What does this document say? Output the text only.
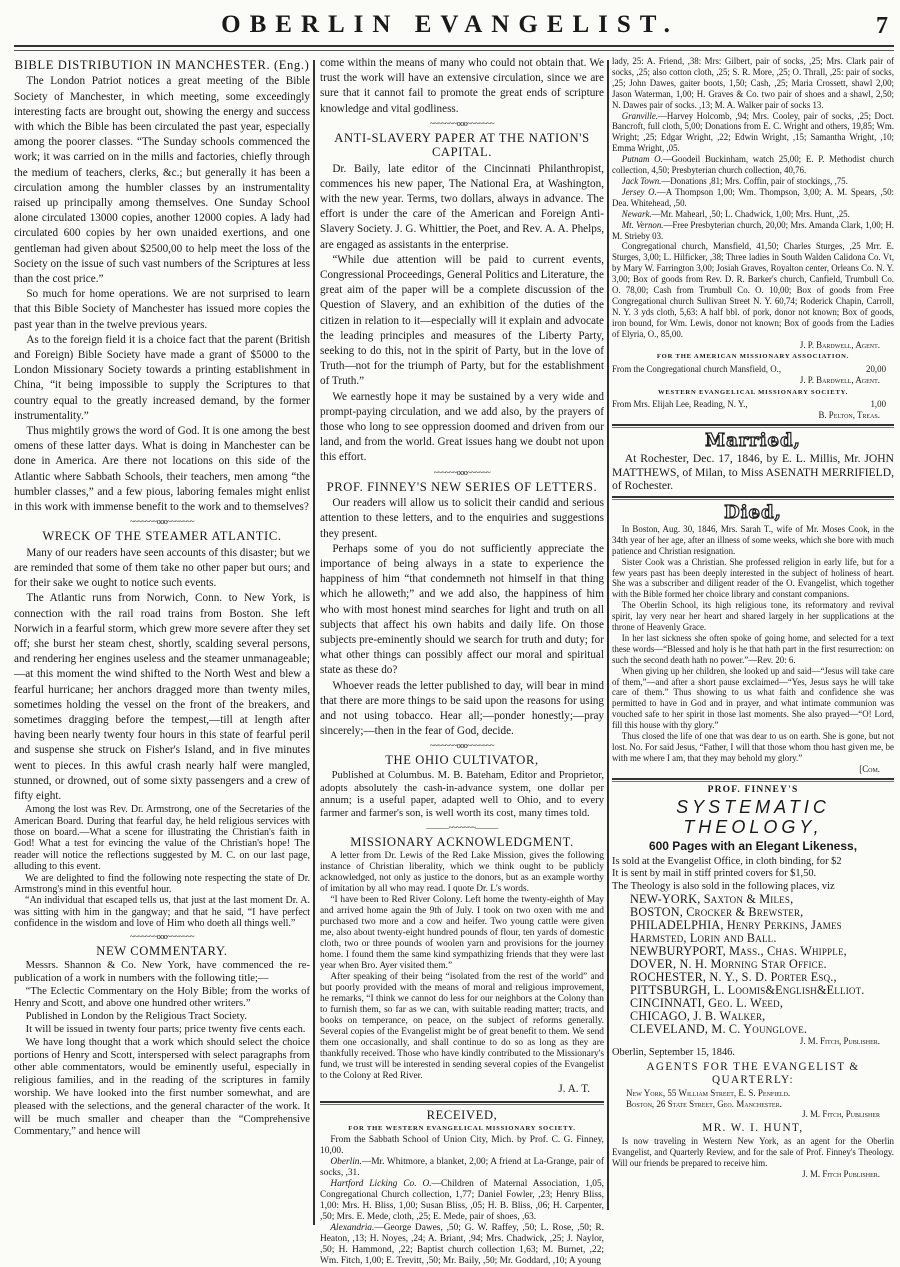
OBERLIN EVANGELIST.	7
BIBLE DISTRIBUTION IN MANCHESTER. (Eng.)
The London Patriot notices a great meeting of the Bible Society of Manchester, in which meeting, some exceedingly interesting facts are brought out, showing the energy and success with which the Bible has been circulated the past year, especially among the poorer classes. “The Sunday schools commenced the work; it was carried on in the mills and factories, chiefly through the medium of teachers, clerks, &c.; but generally it has been a circulation among the humbler classes by an instrumentality raised up principally among themselves. One Sunday School alone circulated 13000 copies, another 12000 copies. A lady had circulated 600 copies by her own unaided exertions, and one gentleman had given about $2500,00 to help meet the loss of the Society on the issue of such vast numbers of the Scriptures at less than the cost price.”
So much for home operations. We are not surprised to learn that this Bible Society of Manchester has issued more copies the past year than in the twelve previous years.
As to the foreign field it is a choice fact that the parent (British and Foreign) Bible Society have made a grant of $5000 to the London Missionary Society towards a printing establishment in China, “it being impossible to supply the Scriptures to that country equal to the greatly increased demand, by the former instrumentality.”
Thus mightily grows the word of God. It is one among the best omens of these latter days. What is doing in Manchester can be done in America. Are there not locations on this side of the Atlantic where Sabbath Schools, their teachers, men among “the humbler classes,” and a few pious, laboring females might enlist in this work with immense benefit to the work and to themselves?
~~~~~~~ooo~~~~~~~
WRECK OF THE STEAMER ATLANTIC.
Many of our readers have seen accounts of this disaster; but we are reminded that some of them take no other paper but ours; and for their sake we ought to notice such events.
The Atlantic runs from Norwich, Conn. to New York, is connection with the rail road trains from Boston. She left Norwich in a fearful storm, which grew more severe after they set off; she burst her steam chest, shortly, scalding several persons, and rendering her engines useless and the steamer unmanageable;—at this moment the wind shifted to the North West and blew a fearful hurricane; her anchors dragged more than twenty miles, sometimes holding the vessel on the front of the breakers, and sometimes dragging before the tempest,—till at length after having been nearly twenty four hours in this state of fearful peril and suspense she struck on Fisher's Island, and in five minutes went to pieces. In this awful crash nearly half were mangled, stunned, or drowned, out of some sixty passengers and a crew of fifty eight.
Among the lost was Rev. Dr. Armstrong, one of the Secretaries of the American Board. During that fearful day, he held religious services with those on board.—What a scene for illustrating the Christian's faith in God! What a test for evincing the value of the Christian's hope! The reader will notice the reflections suggested by M. C. on our last page, alluding to this event.
We are delighted to find the following note respecting the state of Dr. Armstrong's mind in this eventful hour.
“An individual that escaped tells us, that just at the last moment Dr. A. was sitting with him in the gangway; and that he said, “I have perfect confidence in the wisdom and love of Him who doeth all things well.”
~~~~~~~ooo~~~~~~~
NEW COMMENTARY.
Messrs. Shannon & Co. New York, have commenced the re-publication of a work in numbers with the following title;—
“The Eclectic Commentary on the Holy Bible; from the works of Henry and Scott, and above one hundred other writers.”
Published in London by the Religious Tract Society.
It will be issued in twenty four parts; price twenty five cents each.
We have long thought that a work which should select the choice portions of Henry and Scott, interspersed with select paragraphs from other able commentators, would be eminently useful, especially in religious families, and in the reading of the scriptures in family worship. We have looked into the first number somewhat, and are pleased with the selections, and the general character of the work. It will be much smaller and cheaper than the “Comprehensive Commentary,” and hence will
come within the means of many who could not obtain that. We trust the work will have an extensive circulation, since we are sure that it cannot fail to promote the great ends of scripture knowledge and vital godliness.
~~~~~~~ooo~~~~~~~
ANTI-SLAVERY PAPER AT THE NATION'S CAPITAL.
Dr. Baily, late editor of the Cincinnati Philanthropist, commences his new paper, The National Era, at Washington, with the new year. Terms, two dollars, always in advance. The effort is under the care of the American and Foreign Anti-Slavery Society. J. G. Whittier, the Poet, and Rev. A. A. Phelps, are engaged as assistants in the enterprise.
“While due attention will be paid to current events, Congressional Proceedings, General Politics and Literature, the great aim of the paper will be a complete discussion of the Question of Slavery, and an exhibition of the duties of the citizen in relation to it—especially will it explain and advocate the leading principles and measures of the Liberty Party, seeking to do this, not in the spirit of Party, but in the love of Truth—not for the triumph of Party, but for the establishment of Truth.”
We earnestly hope it may be sustained by a very wide and prompt-paying circulation, and we add also, by the prayers of those who long to see oppression doomed and driven from our land, and from the world. Great issues hang we doubt not upon this effort.
~~~~~~ooo~~~~~~
PROF. FINNEY'S NEW SERIES OF LETTERS.
Our readers will allow us to solicit their candid and serious attention to these letters, and to the enquiries and suggestions they present.
Perhaps some of you do not sufficiently appreciate the importance of being always in a state to experience the happiness of him “that condemneth not himself in that thing which he alloweth;” and we add also, the happiness of him who with most honest mind searches for light and truth on all subjects that affect his own habits and daily life. On those subjects pre-eminently should we search for truth and duty; for what other things can possibly affect our moral and spiritual state as these do?
Whoever reads the letter published to day, will bear in mind that there are more things to be said upon the reasons for using and not using tobacco. Hear all;—ponder honestly;—pray sincerely;—then in the fear of God, decide.
~~~~~~~ooo~~~~~~~
THE OHIO CULTIVATOR,
Published at Columbus. M. B. Bateham, Editor and Proprietor, adopts absolutely the cash-in-advance system, one dollar per annum; is a useful paper, adapted well to Ohio, and to every farmer and farmer's son, is well worth its cost, many times told.
———~~~~~~~———
MISSIONARY ACKNOWLEDGMENT.
A letter from Dr. Lewis of the Red Lake Mission, gives the following instance of Christian liberality, which we think ought to be publicly acknowledged, not only as justice to the donors, but as an example worthy of imitation by all who may read. I quote Dr. L's words.
“I have been to Red River Colony. Left home the twenty-eighth of May and arrived home again the 9th of July. I took on two oxen with me and purchased two more and a cow and heifer. Two young cattle were given me, also about twenty-eight hundred pounds of flour, ten yards of domestic cloth, two or three pounds of woolen yarn and provisions for the journey home. I found them the same kind sympathizing friends that they were last year when Bro. Ayer visited them.”
After speaking of their being “isolated from the rest of the world” and but poorly provided with the means of moral and religious improvement, he remarks, “I think we cannot do less for our neighbors at the Colony than to furnish them, so far as we can, with suitable reading matter; tracts, and books on temperance, on peace, on the subject of reforms generally. Several copies of the Evangelist might be of great benefit to them. We send them one occasionally, and shall continue to do so as long as they are thankfully received. Those who have kindly contributed to the Missionary's fund, we trust will be interested in sending several copies of the Evangelist to the Colony at Red River.
J. A. T.
RECEIVED,
FOR THE WESTERN EVANGELICAL MISSIONARY SOCIETY.
From the Sabbath School of Union City, Mich. by Prof. C. G. Finney, 10,00.
Oberlin.—Mr. Whitmore, a blanket, 2,00; A friend at La-Grange, pair of socks, ,31.
Hartford Licking Co. O.—Children of Maternal Association, 1,05, Congregational Church collection, 1,77; Daniel Fowler, ,23; Henry Bliss, 1,00: Mrs. H. Bliss, 1,00; Susan Bliss, ,05; H. B. Bliss, ,06; H. Carpenter, ,50; Mrs. E. Mede, cloth, ,25; E. Mede, pair of shoes, ,63.
Alexandria.—George Dawes, ,50; G. W. Raffey, ,50; L. Rose, ,50; R. Heaton, ,13; H. Noyes, ,24; A. Briant, ,94; Mrs. Chadwick, ,25; J. Naylor, ,50; H. Hammond, ,22; Baptist church collection 1,63; M. Burnet, ,22; Wm. Fitch, 1,00; E. Trevitt, ,50; Mr. Baily, ,50; Mr. Goddard, ,10; A young
lady, 25: A. Friend, ,38: Mrs: Gilbert, pair of socks, ,25; Mrs. Clark pair of socks, ,25; also cotton cloth, ,25; S. R. More, ,25; O. Thrall, ,25: pair of socks, ,25; John Dawes, gaiter boots, 1,50; Cash, ,25; Maria Crossett, shawl 2,00; Jason Waterman, 1,00; H. Graves & Co. two pair of shoes and a shawl, 2,50; N. Dawes pair of socks. ,13; M. A. Walker pair of socks 13.
Granville.—Harvey Holcomb, ,94; Mrs. Cooley, pair of socks, ,25; Doct. Bancroft, full cloth, 5,00; Donations from E. C. Wright and others, 19,85; Wm. Wright; ,25; Edgar Wright, ,22; Edwin Wright, ,15; Samantha Wright, ,10; Emma Wright, ,05.
Putnam O.—Goodeil Buckinham, watch 25,00; E. P. Methodist church collection, 4,50; Presbyterian church collection, 40,76.
Jack Town.—Donations ,81; Mrs. Coffin, pair of stockings, ,75.
Jersey O.—A Thompson 1,00; Wm. Thompson, 3,00; A. M. Spears, ,50: Dea. Whitehead, ,50.
Newark.—Mr. Mahearl, ,50; L. Chadwick, 1,00; Mrs. Hunt, ,25.
Mt. Vernon.—Free Presbyterian church, 20,00; Mrs. Amanda Clark, 1,00; H. M. Strieby 03.
Congregational church, Mansfield, 41,50; Charles Sturges, ,25 Mrr. E. Sturges, 3,00; L. Hilficker, ,38; Three ladies in South Walden Calidona Co. Vt, by Mary W. Farrington 3,00; Josiah Graves, Royalton center, Orleans Co. N. Y. 3,00; Box of goods from Rev. D. R. Barker's church, Canfield, Trumbull Co. O. 78,00; Cash from Trumbull Co. O. 10,00; Box of goods from Free Congregational church Sullivan Street N. Y. 60,74; Roderick Chapin, Carroll, N. Y. 3 yds cloth, 5,63: A half bbl. of pork, donor not known; Box of goods, iron bound, for Wm. Lewis, donor not known; Box of goods from the Ladies of Elyria, O., 85,00.
J. P. Bardwell, Agent.
FOR THE AMERICAN MISSIONARY ASSOCIATION.
From the Congregational church Mansfield, O.,	20,00
J. P. Bardwell, Agent.
WESTERN EVANGELICAL MISSIONARY SOCIETY.
From Mrs. Elijah Lee, Reading, N. Y.,	1,00
B. Pelton, Treas.
Married,
At Rochester, Dec. 17, 1846, by E. L. Millis, Mr. JOHN MATTHEWS, of Milan, to Miss ASENATH MERRIFIELD, of Rochester.
Died,
In Boston, Aug. 30, 1846, Mrs. Sarah T., wife of Mr. Moses Cook, in the 34th year of her age, after an illness of some weeks, which she bore with much patience and Christian resignation.
Sister Cook was a Christian. She professed religion in early life, but for a few years past has been deeply interested in the subject of holiness of heart. She was a subscriber and diligent reader of the O. Evangelist, which together with the Bible formed her choice library and constant companions.
The Oberlin School, its high religious tone, its reformatory and revival spirit, lay very near her heart and shared largely in her supplications at the throne of Heavenly Grace.
In her last sickness she often spoke of going home, and selected for a text these words—“Blessed and holy is he that hath part in the first resurrection: on such the second death hath no power.”—Rev. 20: 6.
When giving up her children, she looked up and said—“Jesus will take care of them,”—and after a short pause exclaimed—“Yes, Jesus says he will take care of them.” Thus showing to us what faith and confidence she was permitted to have in God and in prayer, and what intimate communion was vouched safe to her spirit in those last moments. She also prayed—“O! Lord, fill this house with thy glory.”
Thus closed the life of one that was dear to us on earth. She is gone, but not lost. No. For said Jesus, “Father, I will that those whom thou hast given me, be with me where I am, that they may behold my glory.”
[Com.
PROF. FINNEY'S
SYSTEMATIC THEOLOGY,
600 Pages with an Elegant Likeness,
Is sold at the Evangelist Office, in cloth binding, for $2
It is sent by mail in stiff printed covers for $1,50.
The Theology is also sold in the following places, viz
NEW-YORK, Saxton & Miles,
BOSTON, Crocker & Brewster,
PHILADELPHIA, Henry Perkins, James Harmsted, Lorin and Ball.
NEWBURYPORT, Mass., Chas. Whipple,
DOVER, N. H. Morning Star Office.
ROCHESTER, N. Y., S. D. Porter Esq.,
PITTSBURGH, L. Loomis&English&Elliot.
CINCINNATI, Geo. L. Weed,
CHICAGO, J. B. Walker,
CLEVELAND, M. C. Younglove.
J. M. Fitch, Publisher.
Oberlin, September 15, 1846.
AGENTS FOR THE EVANGELIST & QUARTERLY:
New York, 55 William Street, E. S. Penfield.
Boston, 26 State Street, Geo. Manchester.
J. M. Fitch, Publisher
MR. W. I. HUNT,
Is now traveling in Western New York, as an agent for the Oberlin Evangelist, and Quarterly Review, and for the sale of Prof. Finney's Theology. Will our friends be prepared to receive him.
J. M. Fitch Publisher.
